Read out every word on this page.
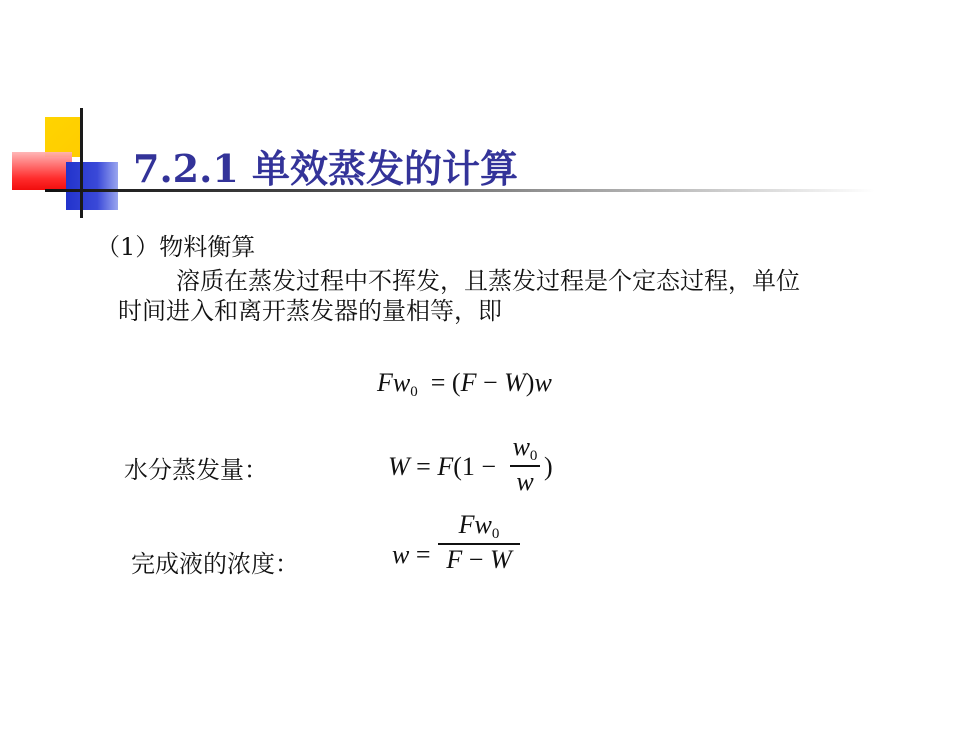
7.2.1 单效蒸发的计算
（1）物料衡算
溶质在蒸发过程中不挥发，且蒸发过程是个定态过程，单位
时间进入和离开蒸发器的量相等，即
$Fw_0 = (F - W)w$
水分蒸发量：	W = F(1 −
$w_0$
w )
完成液的浓度：	w =
$Fw_0$
F − W
